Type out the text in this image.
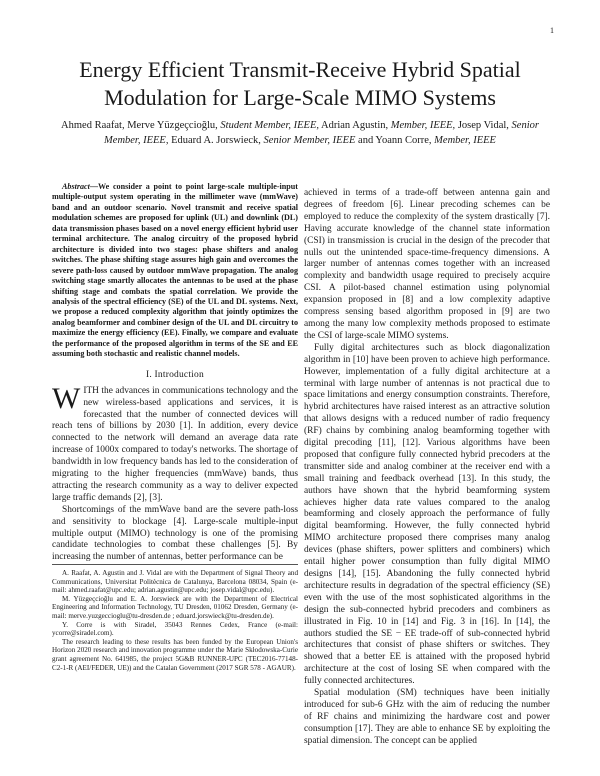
1
Energy Efficient Transmit-Receive Hybrid Spatial Modulation for Large-Scale MIMO Systems
Ahmed Raafat, Merve Yüzgeçcioğlu, Student Member, IEEE, Adrian Agustin, Member, IEEE, Josep Vidal, Senior
Member, IEEE, Eduard A. Jorswieck, Senior Member, IEEE and Yoann Corre, Member, IEEE

Abstract—We consider a point to point large-scale multiple-input multiple-output system operating in the millimeter wave (mmWave) band and an outdoor scenario. Novel transmit and receive spatial modulation schemes are proposed for uplink (UL) and downlink (DL) data transmission phases based on a novel energy efficient hybrid user terminal architecture. The analog circuitry of the proposed hybrid architecture is divided into two stages: phase shifters and analog switches. The phase shifting stage assures high gain and overcomes the severe path-loss caused by outdoor mmWave propagation. The analog switching stage smartly allocates the antennas to be used at the phase shifting stage and combats the spatial correlation. We provide the analysis of the spectral efficiency (SE) of the UL and DL systems. Next, we propose a reduced complexity algorithm that jointly optimizes the analog beamformer and combiner design of the UL and DL circuitry to maximize the energy efficiency (EE). Finally, we compare and evaluate the performance of the proposed algorithm in terms of the SE and EE assuming both stochastic and realistic channel models.

I. Introduction

WITH the advances in communications technology and the new wireless-based applications and services, it is forecasted that the number of connected devices will reach tens of billions by 2030 [1]. In addition, every device connected to the network will demand an average data rate increase of 1000x compared to today's networks. The shortage of bandwidth in low frequency bands has led to the consideration of migrating to the higher frequencies (mmWave) bands, thus attracting the research community as a way to deliver expected large traffic demands [2], [3].

Shortcomings of the mmWave band are the severe path-loss and sensitivity to blockage [4]. Large-scale multiple-input multiple output (MIMO) technology is one of the promising candidate technologies to combat these challenges [5]. By increasing the number of antennas, better performance can be

A. Raafat, A. Agustin and J. Vidal are with the Department of Signal Theory and Communications, Universitat Politècnica de Catalunya, Barcelona 08034, Spain (e-mail: ahmed.raafat@upc.edu; adrian.agustin@upc.edu; josep.vidal@upc.edu).

M. Yüzgeçcioğlu and E. A. Jorswieck are with the Department of Electrical Engineering and Information Technology, TU Dresden, 01062 Dresden, Germany (e-mail: merve.yuzgeccioglu@tu-dresden.de ; eduard.jorswieck@tu-dresden.de).

Y. Corre is with Siradel, 35043 Rennes Cedex, France (e-mail: ycorre@siradel.com).

The research leading to these results has been funded by the European Union's Horizon 2020 research and innovation programme under the Marie Skłodowska-Curie grant agreement No. 641985, the project 5G&B RUNNER-UPC (TEC2016-77148-C2-1-R (AEI/FEDER, UE)) and the Catalan Government (2017 SGR 578 - AGAUR).

achieved in terms of a trade-off between antenna gain and degrees of freedom [6]. Linear precoding schemes can be employed to reduce the complexity of the system drastically [7]. Having accurate knowledge of the channel state information (CSI) in transmission is crucial in the design of the precoder that nulls out the unintended space-time-frequency dimensions. A larger number of antennas comes together with an increased complexity and bandwidth usage required to precisely acquire CSI. A pilot-based channel estimation using polynomial expansion proposed in [8] and a low complexity adaptive compress sensing based algorithm proposed in [9] are two among the many low complexity methods proposed to estimate the CSI of large-scale MIMO systems.

Fully digital architectures such as block diagonalization algorithm in [10] have been proven to achieve high performance. However, implementation of a fully digital architecture at a terminal with large number of antennas is not practical due to space limitations and energy consumption constraints. Therefore, hybrid architectures have raised interest as an attractive solution that allows designs with a reduced number of radio frequency (RF) chains by combining analog beamforming together with digital precoding [11], [12]. Various algorithms have been proposed that configure fully connected hybrid precoders at the transmitter side and analog combiner at the receiver end with a small training and feedback overhead [13]. In this study, the authors have shown that the hybrid beamforming system achieves higher data rate values compared to the analog beamforming and closely approach the performance of fully digital beamforming. However, the fully connected hybrid MIMO architecture proposed there comprises many analog devices (phase shifters, power splitters and combiners) which entail higher power consumption than fully digital MIMO designs [14], [15]. Abandoning the fully connected hybrid architecture results in degradation of the spectral efficiency (SE) even with the use of the most sophisticated algorithms in the design the sub-connected hybrid precoders and combiners as illustrated in Fig. 10 in [14] and Fig. 3 in [16]. In [14], the authors studied the SE − EE trade-off of sub-connected hybrid architectures that consist of phase shifters or switches. They showed that a better EE is attained with the proposed hybrid architecture at the cost of losing SE when compared with the fully connected architectures.

Spatial modulation (SM) techniques have been initially introduced for sub-6 GHz with the aim of reducing the number of RF chains and minimizing the hardware cost and power consumption [17]. They are able to enhance SE by exploiting the spatial dimension. The concept can be applied
